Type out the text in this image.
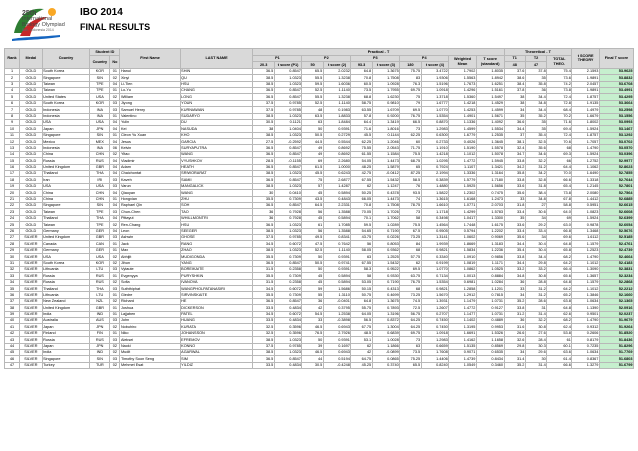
25th
International
Biology Olympiad
Bali, Indonesia 2014
IBO 2014
FINAL RESULTS
Rank	Medal	Country	Student ID		First Name	LAST NAME	Practical - T										Theoretical - T			t SCORE THEORY	Final T score
			Country	No			P1		P2		P3		P4		Weighted Mean	T score (standard)	T1	T2	TOTAL THEO.		
							20.3	t score (P1)	50	t score (2)	93.3	t score (3)	180	t score (4)			48	47			
1	GOLD	South Korea	KOR	01	Hanul	SHIN	36.5	0.8547	65.5	2.0232	64.8	1.3675	75.75	3.4722	1.7902	1.8035	37.6	37.8	75.4	2.1593	53.9625
2	GOLD	Singapore	SIN	02	Xinyi	QU	38.5	1.0323	55.5	1.3238	70.8	1.7508	83	1.9306	1.5563	1.8942	38.6	35	73.6	1.9891	53.8832
3	GOLD	Taiwan	TPE	04	Li-Tien	HSU	38.5	1.0323	59.5	1.6036	60.5	1.0928	76.3	1.5196	1.7673	1.6251	38.4	35.8	74.2	2.0457	53.6708
4	GOLD	Taiwan	TPE	01	Lo-Yu	CHANG	36.5	0.8547	52.5	1.1140	73.5	1.7955	69.75	1.0918	1.4296	1.5161	37.8	36	73.8	1.9891	53.4991
5	GOLD	United States	USA	02	William	LONG	36.5	0.8547	55.5	1.3238	68.8	1.6230	75	1.3718	1.5360	1.5497	38	34.4	72.4	1.8757	53.4295
6	GOLD	South Korea	KOR	03	Jiyong	YOUN	37.5	0.9785	52.5	1.1140	58.75	0.9810	79	1.6777	1.4218	1.4529	38	34.8	72.8	1.9135	53.3664
7	GOLD	Indonesia	INA	03	Samuel Henry	KURNIAWAN	37.5	0.9785	48	0.1983	63.55	1.6709	69.5	1.0770	1.4253	1.4599	34	34.4	68.4	1.4979	53.2598
8	GOLD	Indonesia	INA	01	Valentino	SUDARYO	38.5	1.0323	63.5	1.8833	57.8	0.9200	76.75	1.5354	1.4901	1.5671	35	35.2	70.2	1.6679	53.1556
9	GOLD	USA	USA	04	Yulin	DU	30.5	0.1121	63	1.8484	64.4	1.3419	66.5	0.8870	1.1336	1.4092	36.6	35	71.6	1.8002	53.0993
10	GOLD	Japan	JPN	04	Kei	NASUDA	38	1.0404	50	0.9391	71.6	1.8016	73	1.2983	1.4599	1.5534	34.4	35	69.4	1.5924	53.1467
11	GOLD	Singapore	SIN	01	Cleon Yu Xuan	KHO	38.5	1.0323	50.5	0.2729	45.5	0.1144	62.25	0.6300	1.6779	1.2535	37	35.4	72.4	1.8757	53.1292
12	GOLD	Mexico	MEX	04	Jesus	GARCIA	27.5	-0.2592	44.5	0.5544	62.25	1.2046	60	0.2733	0.4026	1.3645	38.1	32.5	70.6	1.7057	53.0702
13	GOLD	Indonesia	INA	06	Kelvin	SURYAPUTRA	36.5	0.8547	49	0.8692	75.55	2.0543	71.75	1.1910	1.5190	1.5578	32.4	35.6	68	1.4790	53.0570
14	GOLD	China	CHN	02	Yitao	WANG	36.5	0.8547	49	0.8692	61.55	1.1584	75.5	1.4218	1.1012	1.5078	34.7	34.6	69.3	1.5924	53.0396
15	GOLD	Russia	RUS	04	Vladimir	VYUSHKOV	28.5	-0.1155	69	2.2680	54.05	1.4473	68.75	1.0295	1.4772	1.5945	33.8	32.2	66	1.2752	52.9977
16	GOLD	United Kingdom	GBR	04	Adam	HEATH	36.5	0.8547	61.5	1.0000	48.25	1.5879	65	0.7924	1.1107	1.3421	34.2	31.2	64.4	1.1062	52.8623
17	GOLD	Thailand	THA	04	Chaichontat	SRIWORARAT	38.5	1.0323	45.5	0.6243	42.75	-0.0412	87.25	2.1994	1.3336	1.3164	35.8	34.2	70.0	1.6490	52.7855
18	GOLD	Iran	IRI	03	Kaveh	SAMII	36.5	0.8547	75	2.6877	67.55	1.5432	58.5	0.3839	1.5779	1.7180	33.8	32.8	66.6	1.3318	52.7644
19	GOLD	USA	USA	03	Varun	MANGALICK	38.5	1.0323	57	1.4287	62	1.1247	76	1.4880	1.5925	1.5656	33.6	31.8	65.4	1.2145	52.7801
20	GOLD	China	CHN	04	Qiaoyan	WANG	30	0.0410	45	0.5894	50.25	0.4378	93.5	1.5822	1.2302	0.7475	35.6	38.4	73.8	2.0080	52.7564
21	GOLD	China	CHN	01	Hongxian	ZHU	35.5	0.7309	43.5	0.4843	66.05	1.4473	74	1.3615	1.6168	1.2473	33	34.8	67.8	1.4412	52.6885
22	GOLD	Singapore	SIN	04	Raphael Qin	SOH	36.5	0.8547	64.5	2.2331	70.8	1.7508	78.75	1.6610	1.0771	2.0703	31.8	27	58.8	0.5951	52.6615
23	GOLD	Taiwan	TPE	03	Chun-Chen	TAO	36	0.7928	56	1.3588	70.05	1.7026	73	1.1718	1.4299	1.5783	33.4	30.6	64.0	1.0823	52.6608
24	GOLD	Thailand	THA	04	Pittayut	WHILLMONTRI	36	0.7928	45	0.5894	70.1	1.7062	58	0.3498	1.0417	1.3300	35	34	69	1.5924	52.6399
25	GOLD	Taiwan	TPE	02	Ren-Chang	HSU	36.5	1.0323	61	1.7085	59.5	1.0289	75.5	1.4564	1.7448	1.6175	33.6	29.2	63.0	0.9878	52.6054
26	GOLD	Germany	GER	04	Leon	SEEGER	38.5	1.0323	56	1.3588	54.65	0.7190	67.5	0.9505	0.5794	1.2202	33.4	33.4	66.8	1.3468	52.5676
27	SILVER	United Kingdom	GBR	03	Ashwin	GHOSE	37.5	0.9785	49.5	0.8341	43.75	0.0226	73.25	1.3141	1.0602	0.9069	35.6	34	69.6	1.6112	52.5185
28	SILVER	Canada	CAN	01	Jack	RANG	34.5	0.6072	47.5	0.7642	56	0.8053	84	1.9939	1.8669	1.3183	34.4	30.4	64.8	1.1579	52.4761
29	SILVER	Germany	GER	01	Max	ZHAO	38.5	1.0323	52.5	1.1140	58.05	0.9362	68	0.9821	1.5834	1.2236	35.4	30.4	65.8	1.2523	52.4739
30	SILVER	USA	USA	02	Abhijit	MUDIGONDA	35.5	0.7309	50	0.9391	63	1.2525	57.75	0.3340	1.0910	0.9856	33.8	34.4	68.2	1.4790	52.4664
31	SILVER	South Korea	KOR	02	Jihun	YANG	36.5	0.8547	50.5	0.9741	67.55	1.5432	62	0.9199	1.0819	1.1171	34.4	29.8	64.2	1.1012	52.4183
32	SILVER	Lithuania	LTU	03	Vytaute	BOREIKAITE	31.5	0.2358	50	0.9391	58.3	0.9522	69.5	1.0770	1.0862	1.0525	33.2	33.2	66.4	1.3090	52.3831
33	SILVER	Russia	RUS	01	Evgenyya	PURYSHKIN	35.5	0.7309	45	0.5894	58	0.9330	63.75	0.7134	1.0013	0.8884	34.8	30.8	65.6	1.3657	52.3234
34	SILVER	Russia	RUS	02	Sofia	IVANOVA	31.5	0.2358	45	0.5894	53.05	0.7190	76.75	1.5354	0.6981	1.0284	36	28.8	64.8	1.1579	52.2868
35	SILVER	Thailand	THA	03	Suththiphat	WANGPHOLPATANASIRI	34.5	0.6072	59	1.5686	50.15	0.4313	68	0.9821	1.2858	1.1201	33	31.2	64.2	1.1012	52.2212
36	SILVER	Lithuania	LTU	01	Giedre	SIRVINSKAITE	35.5	0.7309	55	1.3110	50.75	0.4699	73.25	1.5670	1.2912	0.7815	34	31.2	65.2	1.3846	52.1660
37	SILVER	New Zealand	NZL	02	Richard	HE	36.5	0.8547	36	-0.0401	64.8	1.3675	74.5	1.3931	1.1479	1.0731	35.2	28.6	63.8	1.0634	52.1365
38	SILVER	United Kingdom	GBR	01	Joshua	DICKERSON	33.5	0.4834	42	0.3795	55.75	0.7893	72.5	1.2607	1.4772	0.9127	33.8	31	64.8	1.1390	52.0916
39	SILVER	India	IND	01	Lajjaben	PATEL	34.5	0.6072	54.5	1.2538	64.05	1.3196	56.75	0.2707	1.1477	1.0731	31.2	31.4	62.6	0.9501	52.0237
40	SILVER	Australia	AUS	03	John	HUANG	33.5	0.4834	33	-0.3898	56.5	0.8372	64.25	0.7450	1.1402	0.4889	36	32.2	68.2	1.4790	51.9679
41	SILVER	Japan	JPN	02	Nobuhiro	KURATA	32.5	0.3596	46.5	0.6943	67.75	1.3004	64.25	0.7450	1.3195	0.9953	31.6	30.8	62.4	0.9312	51.9264
42	SILVER	Finland	FIN	01	Niko	JOHANSSON	32.5	0.3596	76.5	2.7926	48.5	0.6839	69.75	1.0918	1.6691	1.5326	26.6	27.6	53.8	0.2606	51.8520
43	SILVER	Russia	RUS	03	Aleksei	EFREMOV	38.5	1.0323	50	0.9391	53.1	1.0028	73	1.2983	1.4162	1.1658	32.6	28.4	61	0.8179	51.8436
44	SILVER	Japan	JPN	02	Naoki	KONNO	37.5	0.9785	39	0.1697	62	1.1866	63	0.6659	1.5135	0.8569	29.8	30.3	60.1	0.7235	51.8296
45	SILVER	India	IND	02	Mudit	AGARWAL	38.5	1.0323	46.5	0.6943	42	-0.0899	73.5	1.7608	0.9071	0.6535	34	29.6	63.6	1.0634	51.7769
46	SILVER	Singapore	SIN	03	Timothy Soon Seng	SIM	36.5	0.8547	44	0.5194	64.75	0.0865	75.25	1.4406	1.4739	0.8434	31.4	30	61.4	0.8367	51.6803
47	SILVER	Turkey	TUR	02	Mehmet Esat	YILDIZ	33.5	0.4834	30.5	-0.4248	45.25	0.3740	65.5	0.8240	1.0549	0.3460	35.2	31.4	66.6	1.3279	51.6799
